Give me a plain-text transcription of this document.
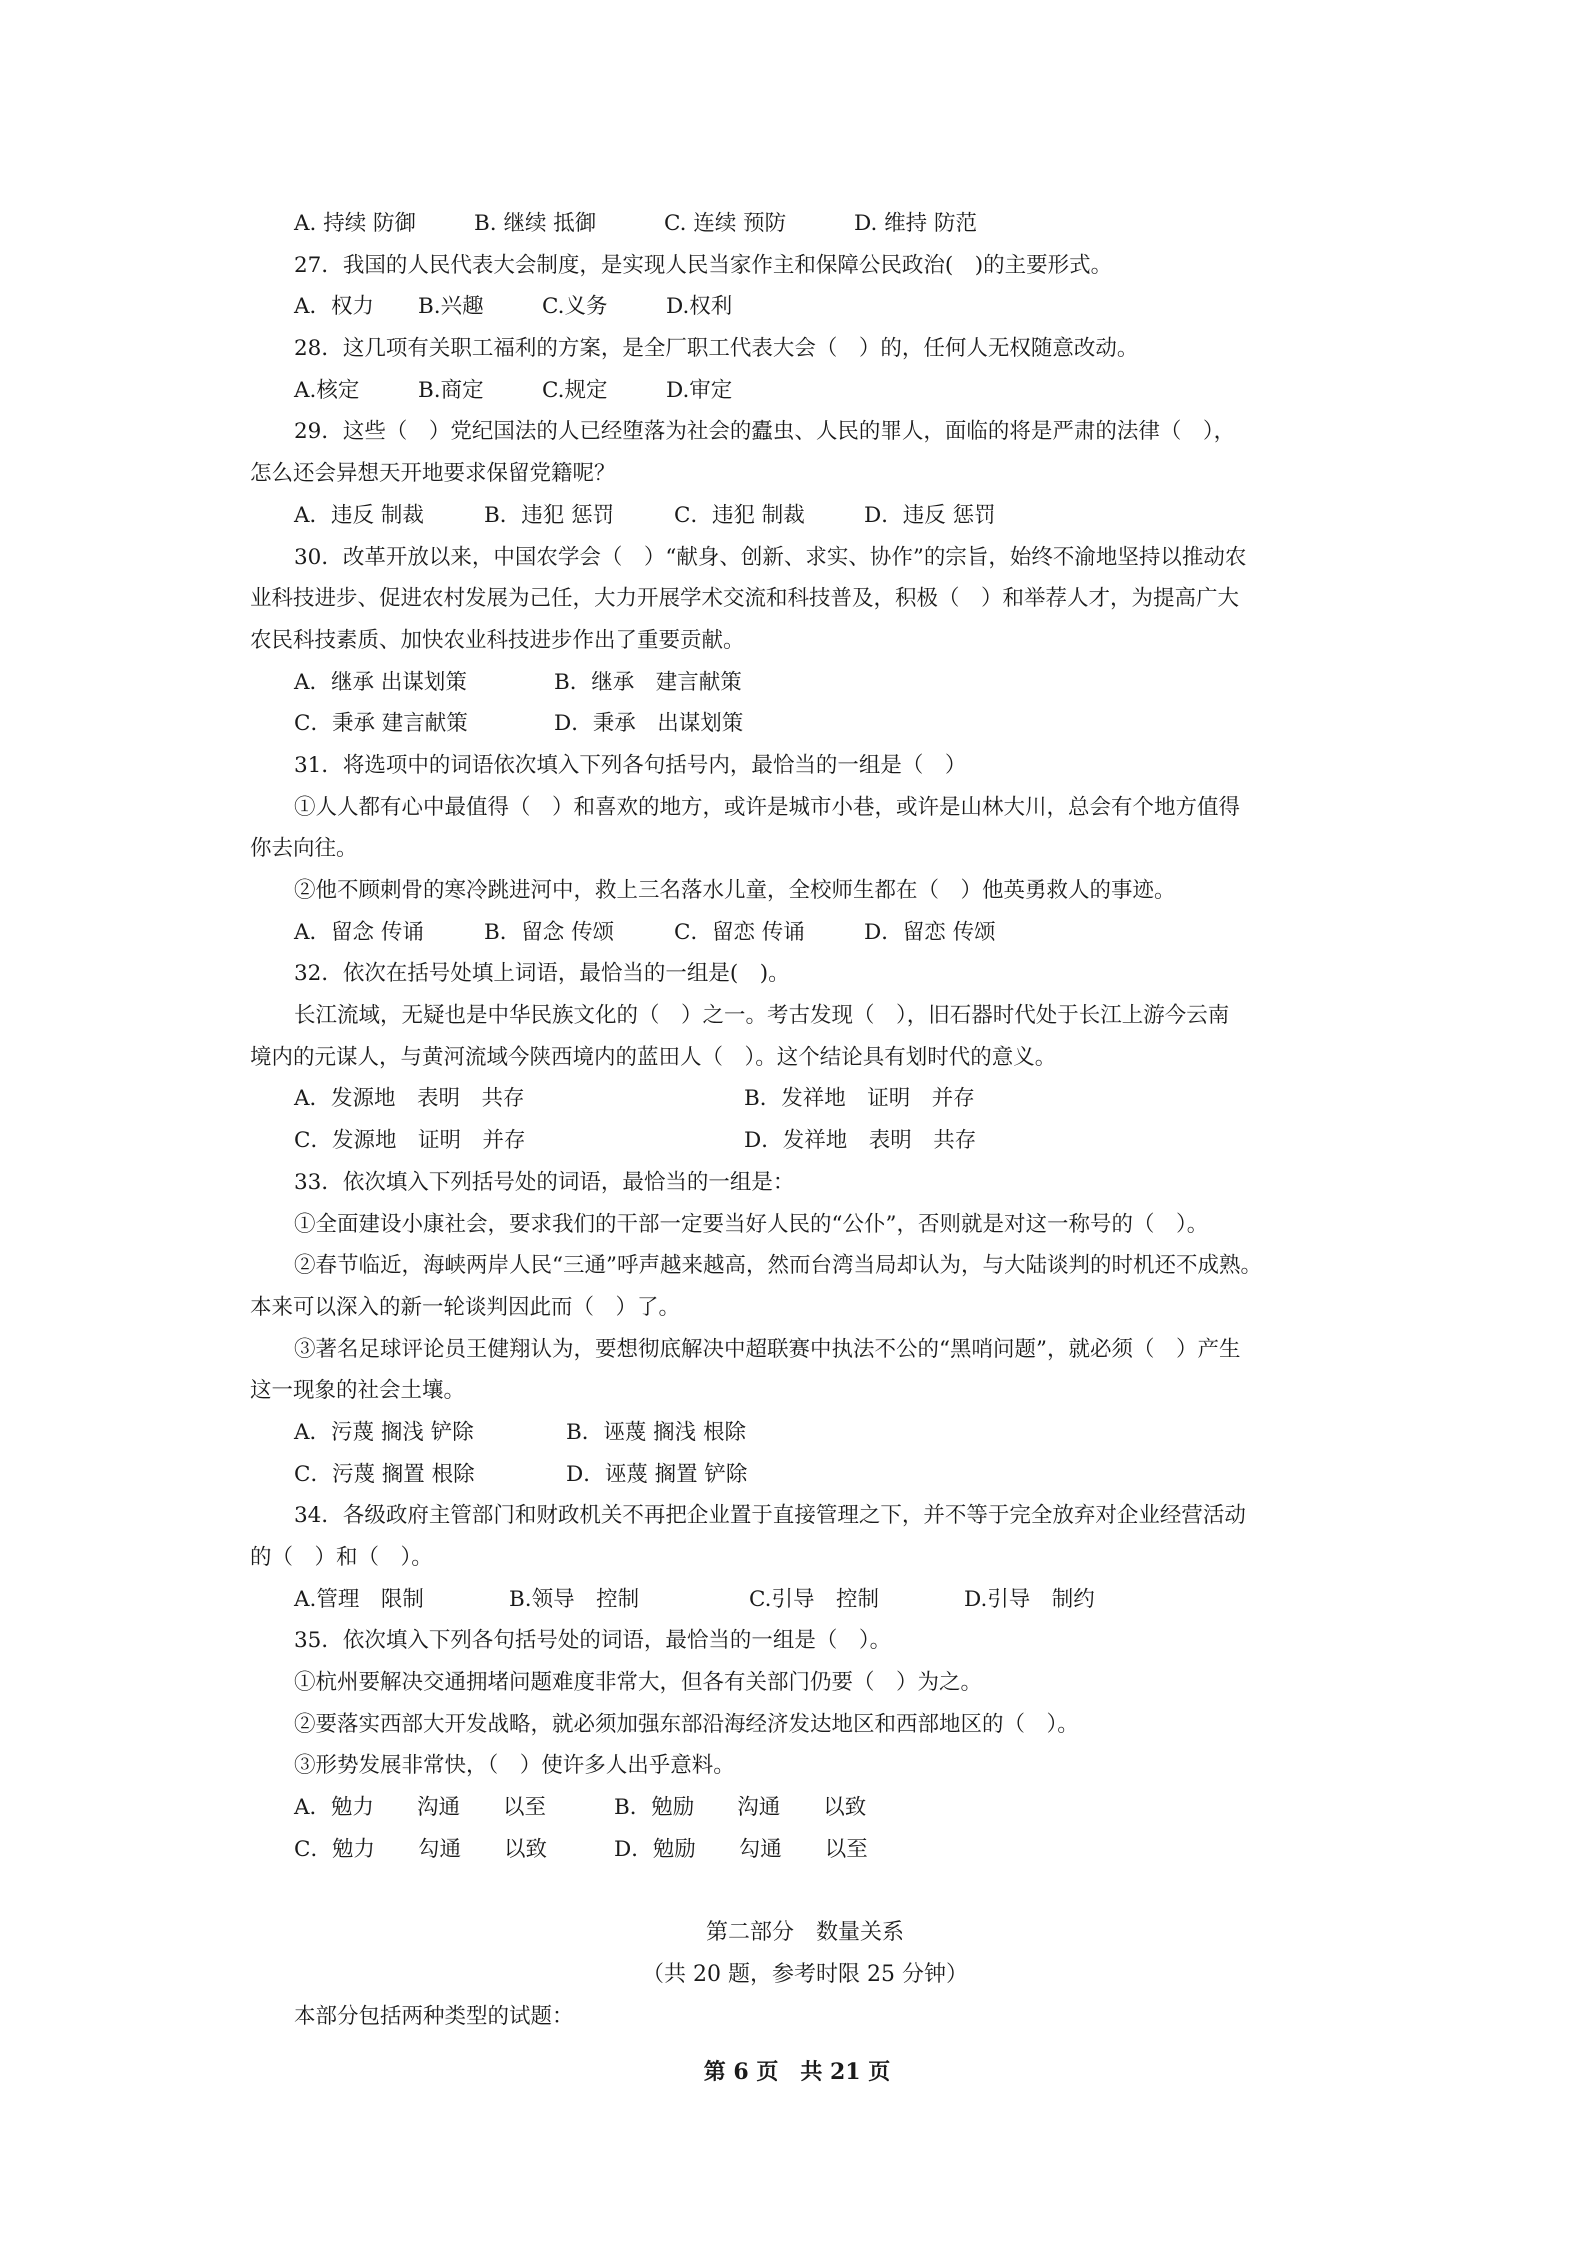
A. 持续 防御	B. 继续 抵御	C. 连续 预防	D. 维持 防范
27．我国的人民代表大会制度，是实现人民当家作主和保障公民政治(　)的主要形式。
A．权力	B.兴趣	C.义务	D.权利
28．这几项有关职工福利的方案，是全厂职工代表大会（　）的，任何人无权随意改动。
A.核定	B.商定	C.规定	D.审定
29．这些（　）党纪国法的人已经堕落为社会的蠹虫、人民的罪人，面临的将是严肃的法律（　），
怎么还会异想天开地要求保留党籍呢？
A．违反 制裁	B．违犯 惩罚	C．违犯 制裁	D．违反 惩罚
30．改革开放以来，中国农学会（　）“献身、创新、求实、协作”的宗旨，始终不渝地坚持以推动农
业科技进步、促进农村发展为己任，大力开展学术交流和科技普及，积极（　）和举荐人才，为提高广大
农民科技素质、加快农业科技进步作出了重要贡献。
A．继承 出谋划策	B．继承　建言献策
C．秉承 建言献策	D．秉承　出谋划策
31．将选项中的词语依次填入下列各句括号内，最恰当的一组是（　）
①人人都有心中最值得（　）和喜欢的地方，或许是城市小巷，或许是山林大川，总会有个地方值得
你去向往。
②他不顾刺骨的寒冷跳进河中，救上三名落水儿童，全校师生都在（　）他英勇救人的事迹。
A．留念 传诵	B．留念 传颂	C．留恋 传诵	D．留恋 传颂
32．依次在括号处填上词语，最恰当的一组是(　)。
长江流域，无疑也是中华民族文化的（　）之一。考古发现（　），旧石器时代处于长江上游今云南
境内的元谋人，与黄河流域今陕西境内的蓝田人（　）。这个结论具有划时代的意义。
A．发源地　表明　共存	B．发祥地　证明　并存
C．发源地　证明　并存	D．发祥地　表明　共存
33．依次填入下列括号处的词语，最恰当的一组是：
①全面建设小康社会，要求我们的干部一定要当好人民的“公仆”，否则就是对这一称号的（　）。
②春节临近，海峡两岸人民“三通”呼声越来越高，然而台湾当局却认为，与大陆谈判的时机还不成熟。
本来可以深入的新一轮谈判因此而（　）了。
③著名足球评论员王健翔认为，要想彻底解决中超联赛中执法不公的“黑哨问题”，就必须（　）产生
这一现象的社会土壤。
A．污蔑 搁浅 铲除	B．诬蔑 搁浅 根除
C．污蔑 搁置 根除	D．诬蔑 搁置 铲除
34．各级政府主管部门和财政机关不再把企业置于直接管理之下，并不等于完全放弃对企业经营活动
的（　）和（　）。
A.管理　限制	B.领导　控制	C.引导　控制	D.引导　制约
35．依次填入下列各句括号处的词语，最恰当的一组是（　）。
①杭州要解决交通拥堵问题难度非常大，但各有关部门仍要（　）为之。
②要落实西部大开发战略，就必须加强东部沿海经济发达地区和西部地区的（　）。
③形势发展非常快，（　）使许多人出乎意料。
A．勉力　　沟通　　以至	B．勉励　　沟通　　以致
C．勉力　　勾通　　以致	D．勉励　　勾通　　以至
第二部分　数量关系
（共 20 题，参考时限 25 分钟）
本部分包括两种类型的试题：
第 6 页　共 21 页
